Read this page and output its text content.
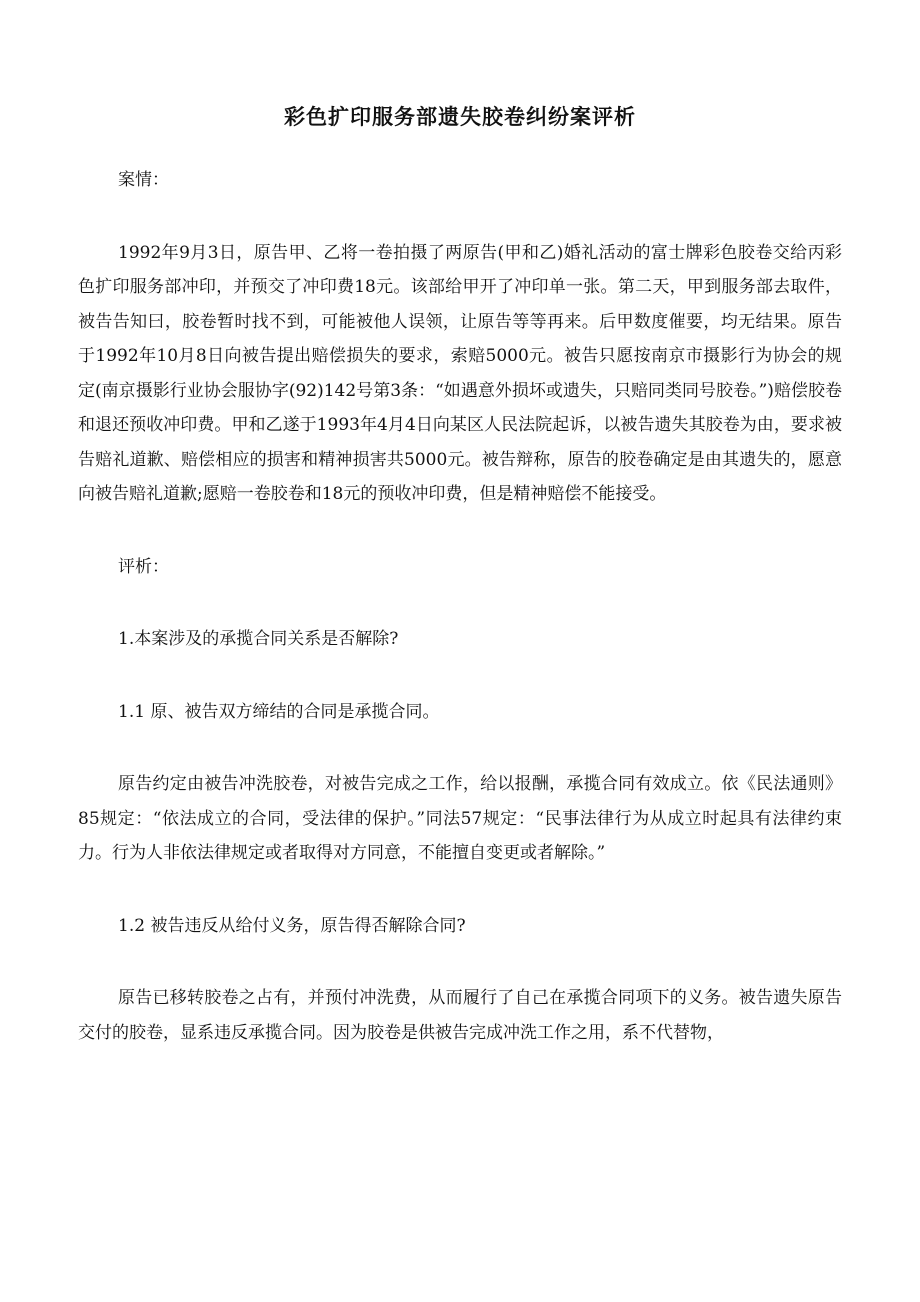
彩色扩印服务部遗失胶卷纠纷案评析

案情：

1992年9月3日，原告甲、乙将一卷拍摄了两原告(甲和乙)婚礼活动的富士牌彩色胶卷交给丙彩色扩印服务部冲印，并预交了冲印费18元。该部给甲开了冲印单一张。第二天，甲到服务部去取件，被告告知曰，胶卷暂时找不到，可能被他人误领，让原告等等再来。后甲数度催要，均无结果。原告于1992年10月8日向被告提出赔偿损失的要求，索赔5000元。被告只愿按南京市摄影行为协会的规定(南京摄影行业协会服协字(92)142号第3条：“如遇意外损坏或遗失，只赔同类同号胶卷。”)赔偿胶卷和退还预收冲印费。甲和乙遂于1993年4月4日向某区人民法院起诉，以被告遗失其胶卷为由，要求被告赔礼道歉、赔偿相应的损害和精神损害共5000元。被告辩称，原告的胶卷确定是由其遗失的，愿意向被告赔礼道歉;愿赔一卷胶卷和18元的预收冲印费，但是精神赔偿不能接受。

评析：

1.本案涉及的承揽合同关系是否解除?

1.1 原、被告双方缔结的合同是承揽合同。

原告约定由被告冲洗胶卷，对被告完成之工作，给以报酬，承揽合同有效成立。依《民法通则》85规定：“依法成立的合同，受法律的保护。”同法57规定：“民事法律行为从成立时起具有法律约束力。行为人非依法律规定或者取得对方同意，不能擅自变更或者解除。”

1.2 被告违反从给付义务，原告得否解除合同?

原告已移转胶卷之占有，并预付冲洗费，从而履行了自己在承揽合同项下的义务。被告遗失原告交付的胶卷，显系违反承揽合同。因为胶卷是供被告完成冲洗工作之用，系不代替物，
